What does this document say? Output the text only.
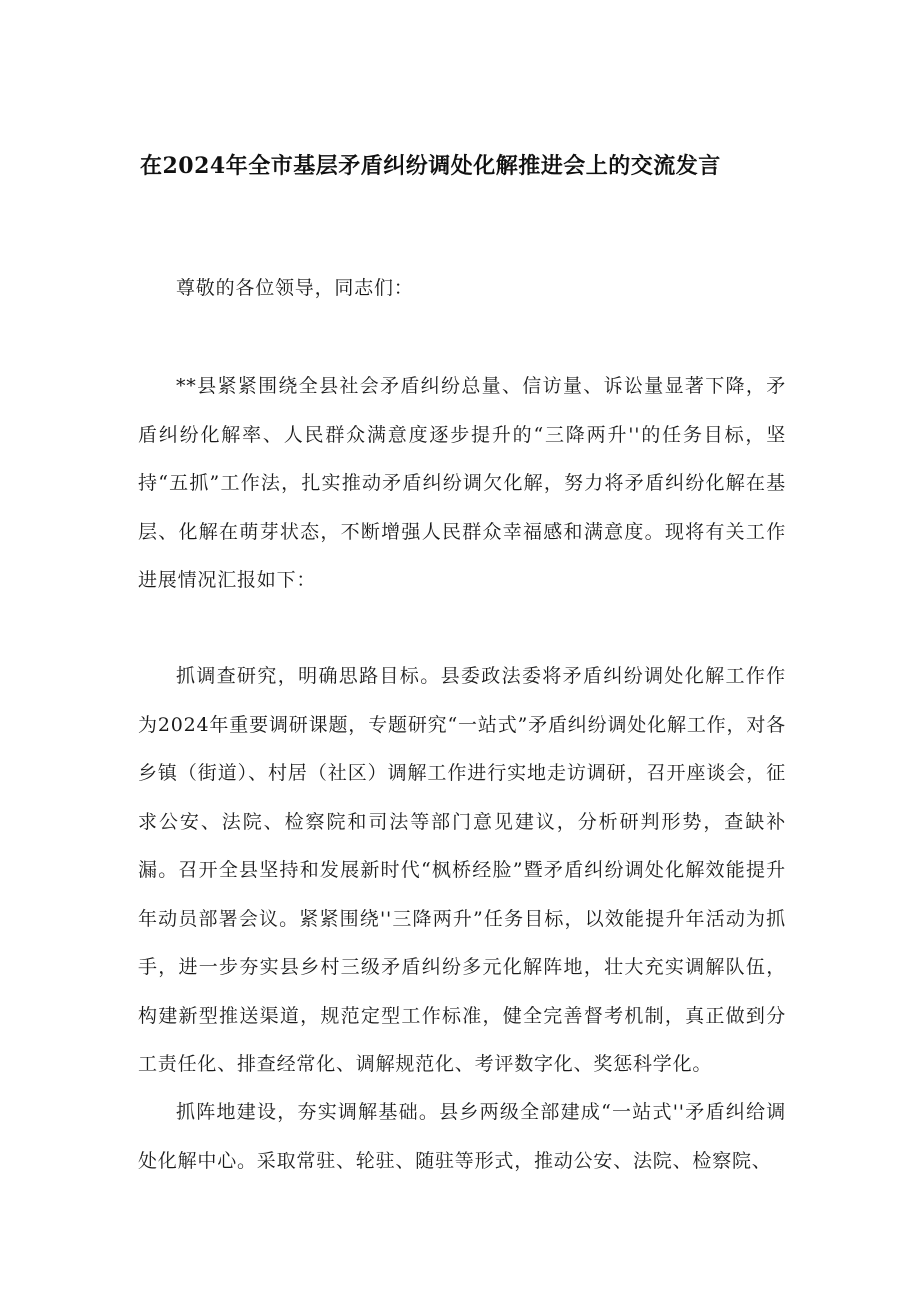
在2024年全市基层矛盾纠纷调处化解推进会上的交流发言

尊敬的各位领导，同志们：

**县紧紧围绕全县社会矛盾纠纷总量、信访量、诉讼量显著下降，矛盾纠纷化解率、人民群众满意度逐步提升的“三降两升''的任务目标，坚持“五抓”工作法，扎实推动矛盾纠纷调欠化解，努力将矛盾纠纷化解在基层、化解在萌芽状态，不断增强人民群众幸福感和满意度。现将有关工作进展情况汇报如下：

抓调查研究，明确思路目标。县委政法委将矛盾纠纷调处化解工作作为2024年重要调研课题，专题研究“一站式”矛盾纠纷调处化解工作，对各乡镇（街道）、村居（社区）调解工作进行实地走访调研，召开座谈会，征求公安、法院、检察院和司法等部门意见建议，分析研判形势，查缺补漏。召开全县坚持和发展新时代“枫桥经脸”暨矛盾纠纷调处化解效能提升年动员部署会议。紧紧围绕''三降两升”任务目标，以效能提升年活动为抓手，进一步夯实县乡村三级矛盾纠纷多元化解阵地，壮大充实调解队伍，构建新型推送渠道，规范定型工作标准，健全完善督考机制，真正做到分工责任化、排查经常化、调解规范化、考评数字化、奖惩科学化。

抓阵地建设，夯实调解基础。县乡两级全部建成“一站式''矛盾纠给调处化解中心。采取常驻、轮驻、随驻等形式，推动公安、法院、检察院、
